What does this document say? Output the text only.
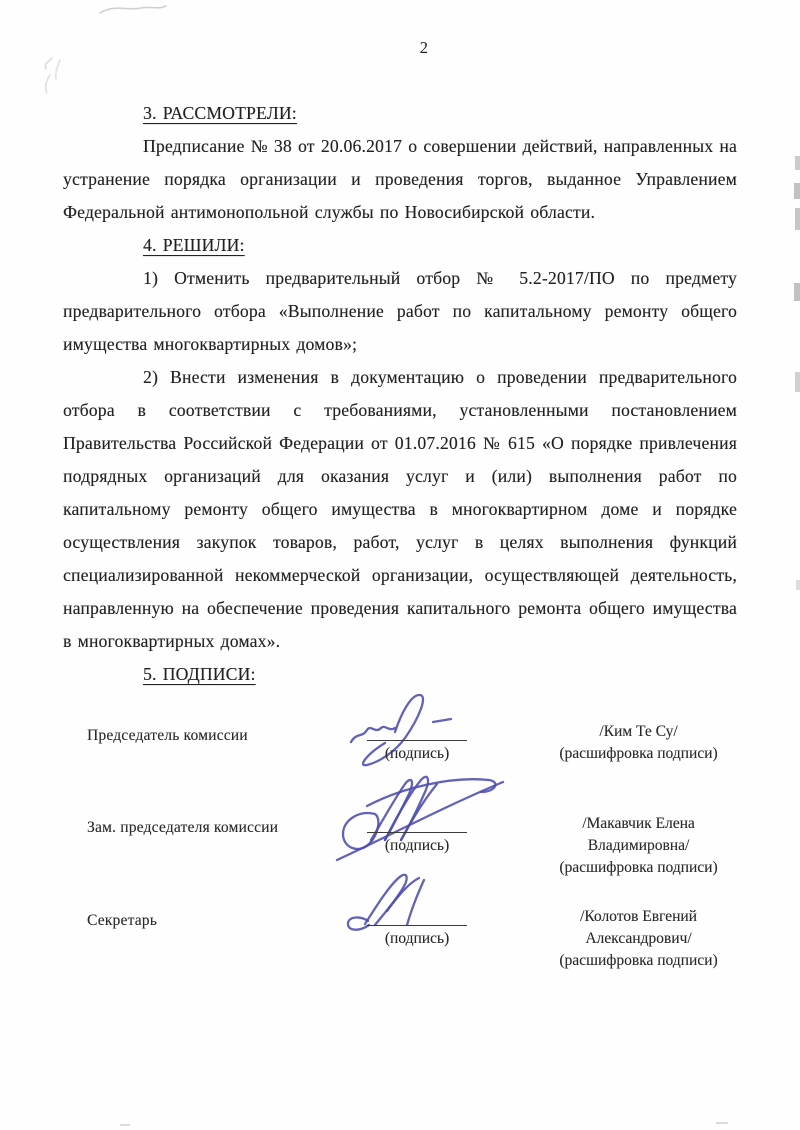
2

3. РАССМОТРЕЛИ:

Предписание № 38 от 20.06.2017 о совершении действий, направленных на устранение порядка организации и проведения торгов, выданное Управлением Федеральной антимонопольной службы по Новосибирской области.

4. РЕШИЛИ:

1) Отменить предварительный отбор № 5.2-2017/ПО по предмету предварительного отбора «Выполнение работ по капитальному ремонту общего имущества многоквартирных домов»;

2) Внести изменения в документацию о проведении предварительного отбора в соответствии с требованиями, установленными постановлением Правительства Российской Федерации от 01.07.2016 № 615 «О порядке привлечения подрядных организаций для оказания услуг и (или) выполнения работ по капитальному ремонту общего имущества в многоквартирном доме и порядке осуществления закупок товаров, работ, услуг в целях выполнения функций специализированной некоммерческой организации, осуществляющей деятельность, направленную на обеспечение проведения капитального ремонта общего имущества в многоквартирных домах».

5. ПОДПИСИ:

Председатель комиссии
(подпись)
/Ким Те Су/
(расшифровка подписи)
Зам. председателя комиссии
(подпись)
/Макавчик Елена Владимировна/
(расшифровка подписи)
Секретарь
(подпись)
/Колотов Евгений Александрович/
(расшифровка подписи)
